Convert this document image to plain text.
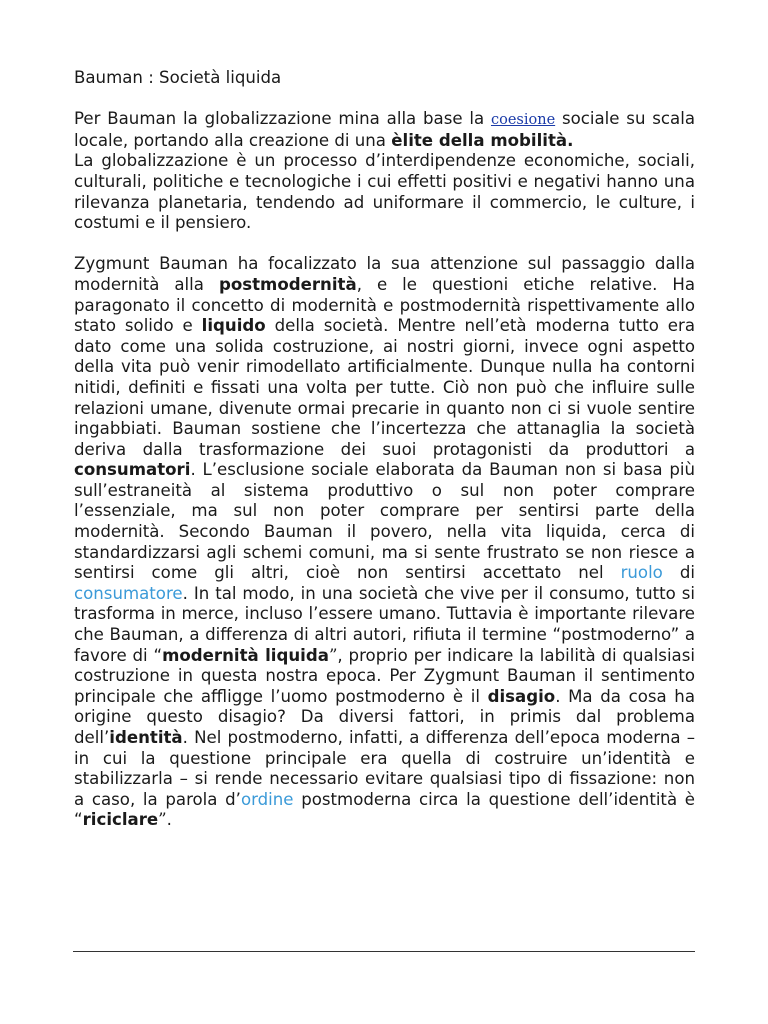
Bauman : Società liquida

Per Bauman la globalizzazione mina alla base la coesione sociale su scala locale, portando alla creazione di una èlite della mobilità.
La globalizzazione è un processo d’interdipendenze economiche, sociali, culturali, politiche e tecnologiche i cui effetti positivi e negativi hanno una rilevanza planetaria, tendendo ad uniformare il commercio, le culture, i costumi e il pensiero.

Zygmunt Bauman ha focalizzato la sua attenzione sul passaggio dalla modernità alla postmodernità, e le questioni etiche relative. Ha paragonato il concetto di modernità e postmodernità rispettivamente allo stato solido e liquido della società. Mentre nell’età moderna tutto era dato come una solida costruzione, ai nostri giorni, invece ogni aspetto della vita può venir rimodellato artificialmente. Dunque nulla ha contorni nitidi, definiti e fissati una volta per tutte. Ciò non può che influire sulle relazioni umane, divenute ormai precarie in quanto non ci si vuole sentire ingabbiati. Bauman sostiene che l’incertezza che attanaglia la società deriva dalla trasformazione dei suoi protagonisti da produttori a consumatori. L’esclusione sociale elaborata da Bauman non si basa più sull’estraneità al sistema produttivo o sul non poter comprare l’essenziale, ma sul non poter comprare per sentirsi parte della modernità. Secondo Bauman il povero, nella vita liquida, cerca di standardizzarsi agli schemi comuni, ma si sente frustrato se non riesce a sentirsi come gli altri, cioè non sentirsi accettato nel ruolo di consumatore. In tal modo, in una società che vive per il consumo, tutto si trasforma in merce, incluso l’essere umano. Tuttavia è importante rilevare che Bauman, a differenza di altri autori, rifiuta il termine “postmoderno” a favore di “modernità liquida”, proprio per indicare la labilità di qualsiasi costruzione in questa nostra epoca. Per Zygmunt Bauman il sentimento principale che affligge l’uomo postmoderno è il disagio. Ma da cosa ha origine questo disagio? Da diversi fattori, in primis dal problema dell’identità. Nel postmoderno, infatti, a differenza dell’epoca moderna – in cui la questione principale era quella di costruire un’identità e stabilizzarla – si rende necessario evitare qualsiasi tipo di fissazione: non a caso, la parola d’ordine postmoderna circa la questione dell’identità è “riciclare”.
